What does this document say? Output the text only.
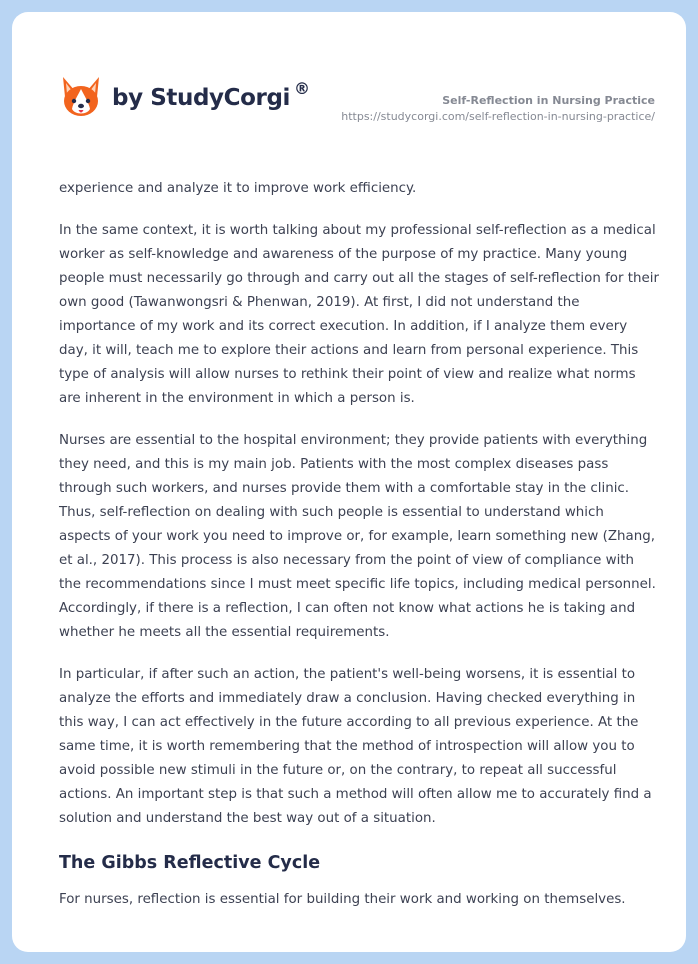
by StudyCorgi ®
Self-Reflection in Nursing Practice
https://studycorgi.com/self-reflection-in-nursing-practice/

experience and analyze it to improve work efficiency.

In the same context, it is worth talking about my professional self-reflection as a medical worker as self-knowledge and awareness of the purpose of my practice. Many young people must necessarily go through and carry out all the stages of self-reflection for their own good (Tawanwongsri & Phenwan, 2019). At first, I did not understand the importance of my work and its correct execution. In addition, if I analyze them every day, it will, teach me to explore their actions and learn from personal experience. This type of analysis will allow nurses to rethink their point of view and realize what norms are inherent in the environment in which a person is.

Nurses are essential to the hospital environment; they provide patients with everything they need, and this is my main job. Patients with the most complex diseases pass through such workers, and nurses provide them with a comfortable stay in the clinic. Thus, self-reflection on dealing with such people is essential to understand which aspects of your work you need to improve or, for example, learn something new (Zhang, et al., 2017). This process is also necessary from the point of view of compliance with the recommendations since I must meet specific life topics, including medical personnel. Accordingly, if there is a reflection, I can often not know what actions he is taking and whether he meets all the essential requirements.

In particular, if after such an action, the patient's well-being worsens, it is essential to analyze the efforts and immediately draw a conclusion. Having checked everything in this way, I can act effectively in the future according to all previous experience. At the same time, it is worth remembering that the method of introspection will allow you to avoid possible new stimuli in the future or, on the contrary, to repeat all successful actions. An important step is that such a method will often allow me to accurately find a solution and understand the best way out of a situation.

The Gibbs Reflective Cycle

For nurses, reflection is essential for building their work and working on themselves.
